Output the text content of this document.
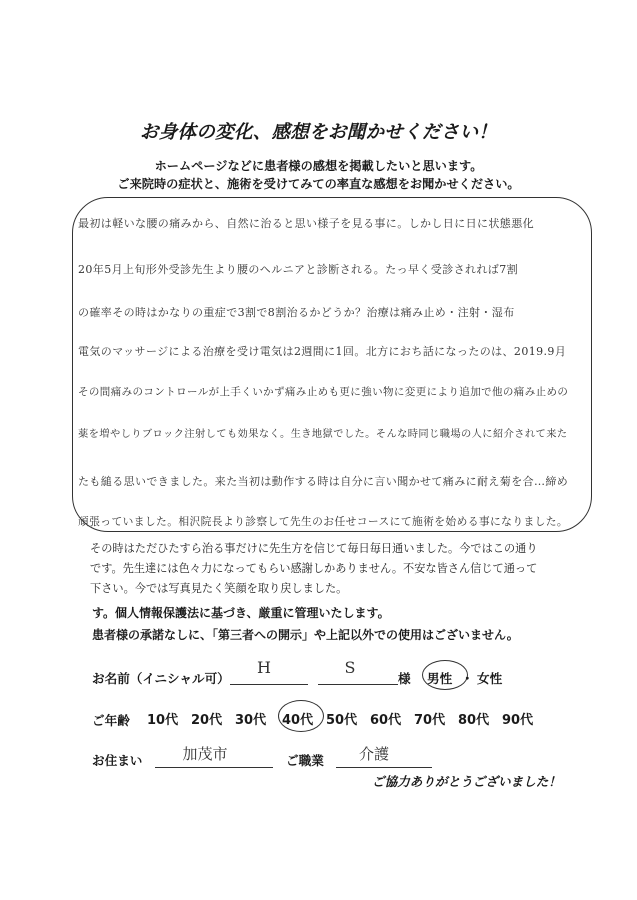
お身体の変化、感想をお聞かせください！
ホームページなどに患者様の感想を掲載したいと思います。
ご来院時の症状と、施術を受けてみての率直な感想をお聞かせください。
最初は軽いな腰の痛みから、自然に治ると思い様子を見る事に。しかし日に日に状態悪化
20年5月上旬形外受診先生より腰のヘルニアと診断される。たっ早く受診されれば7割
の確率その時はかなりの重症で3割で8割治るかどうか？治療は痛み止め・注射・湿布
電気のマッサージによる治療を受け電気は2週間に1回。北方におち話になったのは、2019.9月
その間痛みのコントロールが上手くいかず痛み止めも更に強い物に変更により追加で他の痛み止めの
薬を増やしりブロック注射しても効果なく。生き地獄でした。そんな時同じ職場の人に紹介されて来た
たも縋る思いできました。来た当初は動作する時は自分に言い聞かせて痛みに耐え菊を合…締め
頑張っていました。相沢院長より診察して先生のお任せコースにて施術を始める事になりました。
その時はただひたすら治る事だけに先生方を信じて毎日毎日通いました。今ではこの通り
です。先生達には色々力になってもらい感謝しかありません。不安な皆さん信じて通って
下さい。今では写真見たく笑顔を取り戻しました。
す。個人情報保護法に基づき、厳重に管理いたします。
患者様の承諾なしに、「第三者への開示」や上記以外での使用はございません。
お名前（イニシャル可）
H	S
様 男性 ・ 女性
ご年齢 10代 20代 30代 40代 50代 60代 70代 80代 90代
お住まい	加茂市	ご職業	介護
ご協力ありがとうございました！
